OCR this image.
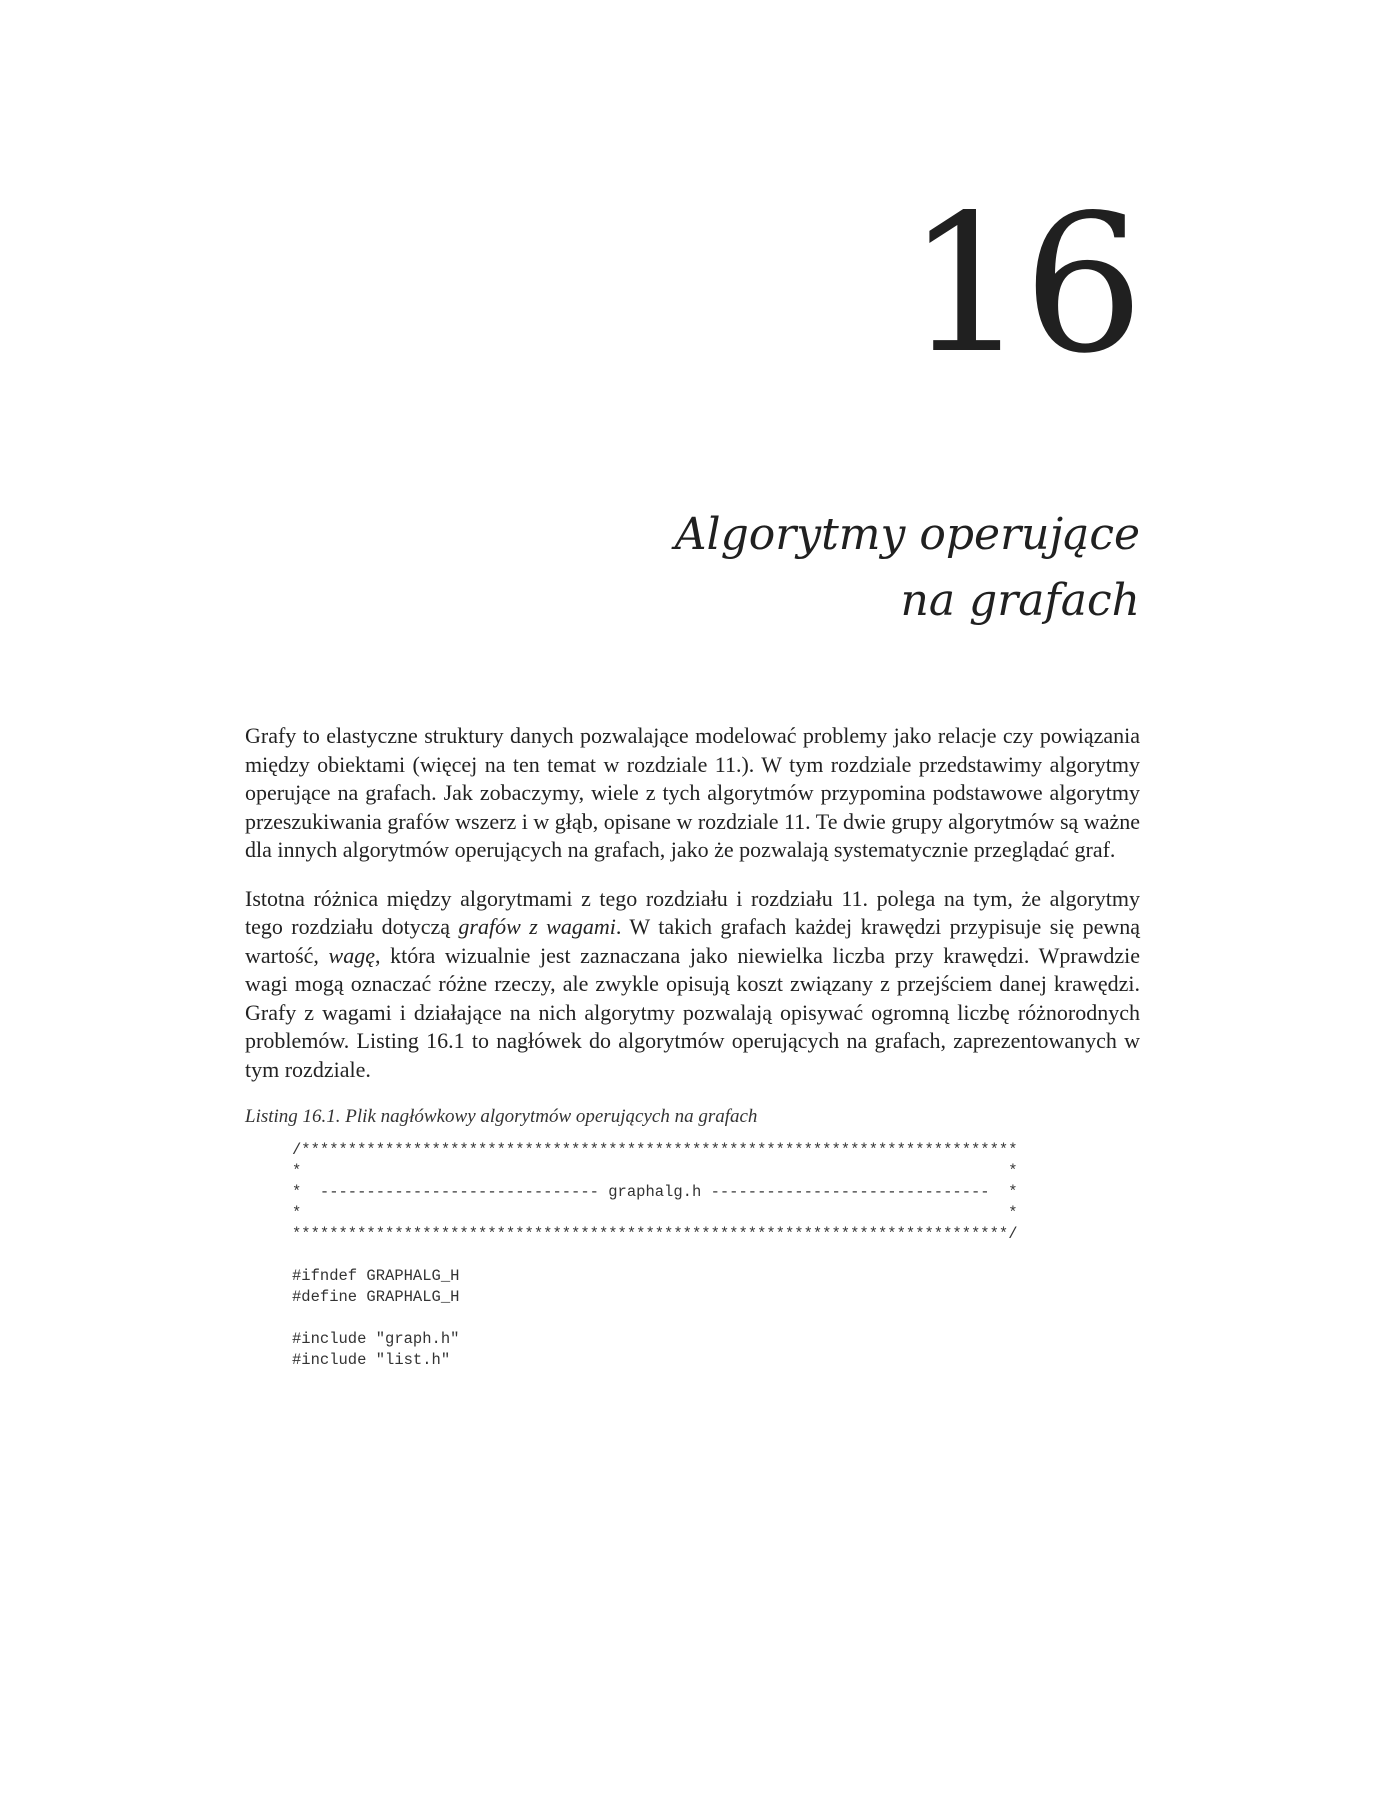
16
Algorytmy operujące
na grafach

Grafy to elastyczne struktury danych pozwalające modelować problemy jako relacje czy powiązania między obiektami (więcej na ten temat w rozdziale 11.). W tym rozdziale przedstawimy algorytmy operujące na grafach. Jak zobaczymy, wiele z tych algorytmów przypomina podstawowe algorytmy przeszukiwania grafów wszerz i w głąb, opisane w rozdziale 11. Te dwie grupy algorytmów są ważne dla innych algorytmów operujących na grafach, jako że pozwalają systematycznie przeglądać graf.

Istotna różnica między algorytmami z tego rozdziału i rozdziału 11. polega na tym, że algorytmy tego rozdziału dotyczą grafów z wagami. W takich grafach każdej krawędzi przypisuje się pewną wartość, wagę, która wizualnie jest zaznaczana jako niewielka liczba przy krawędzi. Wprawdzie wagi mogą oznaczać różne rzeczy, ale zwykle opisują koszt związany z przejściem danej krawędzi. Grafy z wagami i działające na nich algorytmy pozwalają opisywać ogromną liczbę różnorodnych problemów. Listing 16.1 to nagłówek do algorytmów operujących na grafach, zaprezentowanych w tym rozdziale.

Listing 16.1. Plik nagłówkowy algorytmów operujących na grafach
/*****************************************************************************
*                                                                            *
*  ------------------------------ graphalg.h ------------------------------  *
*                                                                            *
*****************************************************************************/
#ifndef GRAPHALG_H
#define GRAPHALG_H
#include "graph.h"
#include "list.h"
